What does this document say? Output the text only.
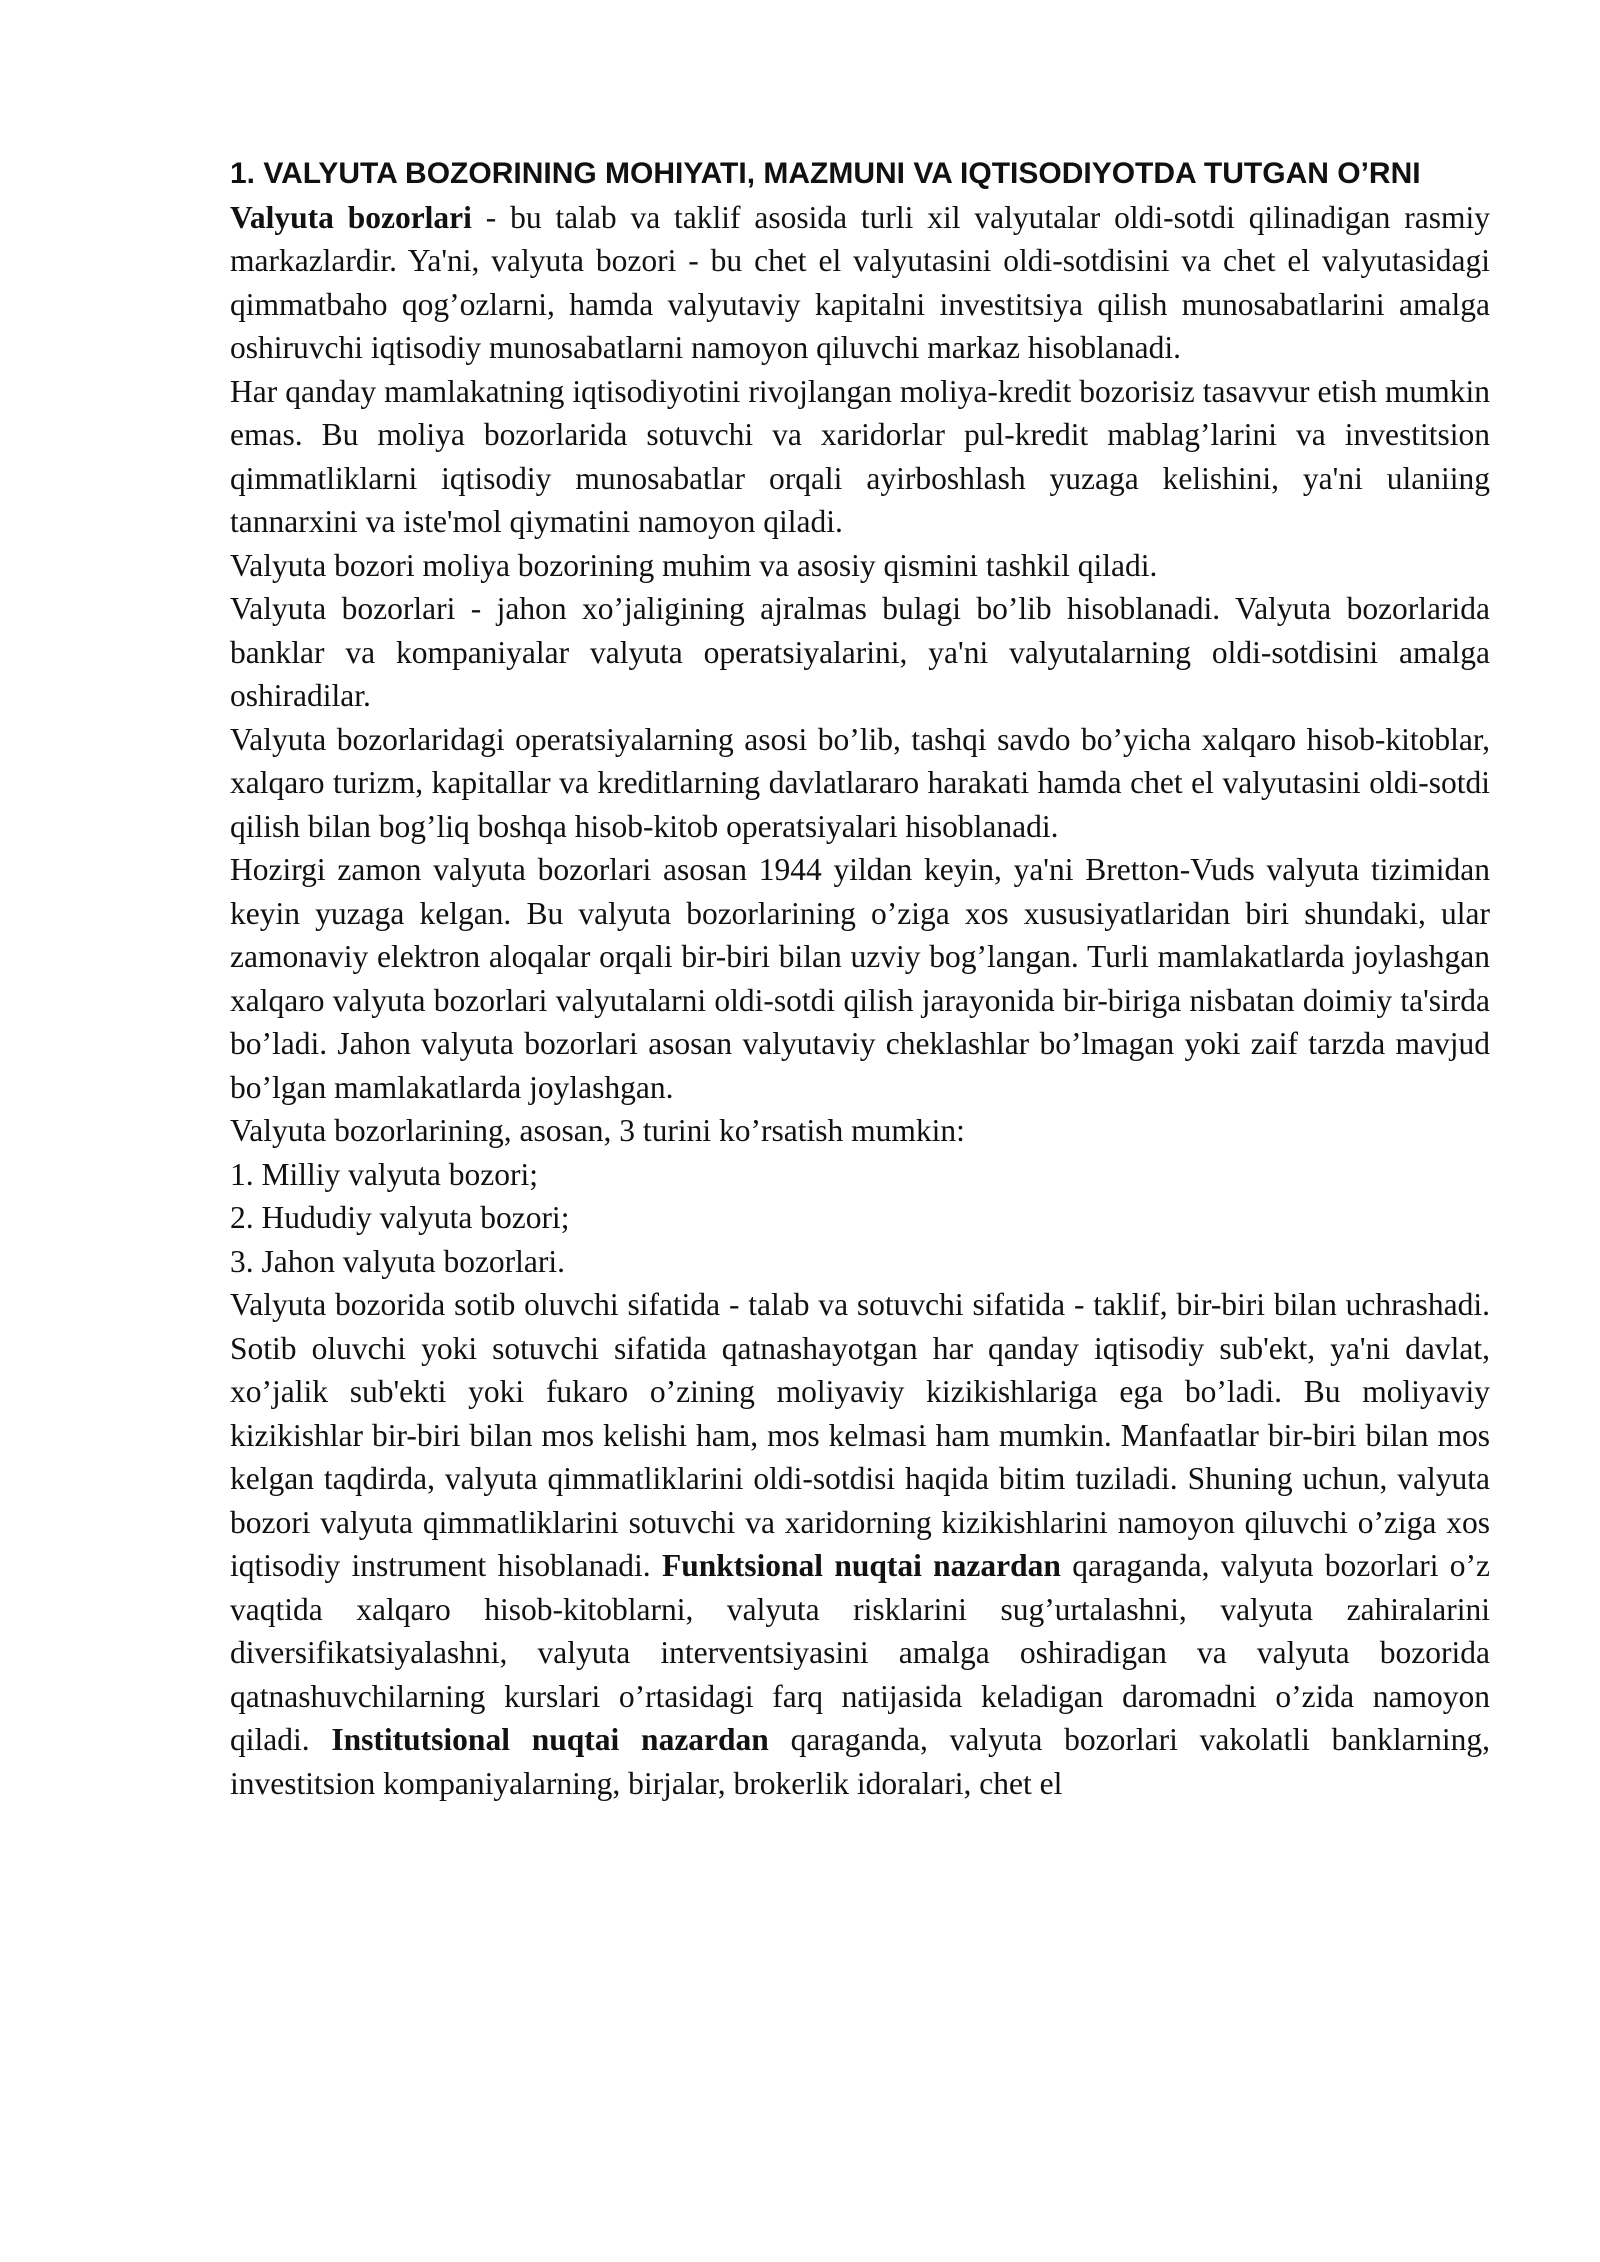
1. VALYUTA BOZORINING MOHIYATI, MAZMUNI VA IQTISODIYOTDA TUTGAN O’RNI

Valyuta bozorlari - bu talab va taklif asosida turli xil valyutalar oldi-sotdi qilinadigan rasmiy markazlardir. Ya'ni, valyuta bozori - bu chet el valyutasini oldi-sotdisini va chet el valyutasidagi qimmatbaho qog’ozlarni, hamda valyutaviy kapitalni investitsiya qilish munosabatlarini amalga oshiruvchi iqtisodiy munosabatlarni namoyon qiluvchi markaz hisoblanadi.

Har qanday mamlakatning iqtisodiyotini rivojlangan moliya-kredit bozorisiz tasavvur etish mumkin emas. Bu moliya bozorlarida sotuvchi va xaridorlar pul-kredit mablag’larini va investitsion qimmatliklarni iqtisodiy munosabatlar orqali ayirboshlash yuzaga kelishini, ya'ni ulaniing tannarxini va iste'mol qiymatini namoyon qiladi.

Valyuta bozori moliya bozorining muhim va asosiy qismini tashkil qiladi.

Valyuta bozorlari - jahon xo’jaligining ajralmas bulagi bo’lib hisoblanadi. Valyuta bozorlarida banklar va kompaniyalar valyuta operatsiyalarini, ya'ni valyutalarning oldi-sotdisini amalga oshiradilar.

Valyuta bozorlaridagi operatsiyalarning asosi bo’lib, tashqi savdo bo’yicha xalqaro hisob-kitoblar, xalqaro turizm, kapitallar va kreditlarning davlatlararo harakati hamda chet el valyutasini oldi-sotdi qilish bilan bog’liq boshqa hisob-kitob operatsiyalari hisoblanadi.

Hozirgi zamon valyuta bozorlari asosan 1944 yildan keyin, ya'ni Bretton-Vuds valyuta tizimidan keyin yuzaga kelgan. Bu valyuta bozorlarining o’ziga xos xususiyatlaridan biri shundaki, ular zamonaviy elektron aloqalar orqali bir-biri bilan uzviy bog’langan. Turli mamlakatlarda joylashgan xalqaro valyuta bozorlari valyutalarni oldi-sotdi qilish jarayonida bir-biriga nisbatan doimiy ta'sirda bo’ladi. Jahon valyuta bozorlari asosan valyutaviy cheklashlar bo’lmagan yoki zaif tarzda mavjud bo’lgan mamlakatlarda joylashgan.

Valyuta bozorlarining, asosan, 3 turini ko’rsatish mumkin:

1. Milliy valyuta bozori;

2. Hududiy valyuta bozori;

3. Jahon valyuta bozorlari.

Valyuta bozorida sotib oluvchi sifatida - talab va sotuvchi sifatida - taklif, bir-biri bilan uchrashadi. Sotib oluvchi yoki sotuvchi sifatida qatnashayotgan har qanday iqtisodiy sub'ekt, ya'ni davlat, xo’jalik sub'ekti yoki fukaro o’zining moliyaviy kizikishlariga ega bo’ladi. Bu moliyaviy kizikishlar bir-biri bilan mos kelishi ham, mos kelmasi ham mumkin. Manfaatlar bir-biri bilan mos kelgan taqdirda, valyuta qimmatliklarini oldi-sotdisi haqida bitim tuziladi. Shuning uchun, valyuta bozori valyuta qimmatliklarini sotuvchi va xaridorning kizikishlarini namoyon qiluvchi o’ziga xos iqtisodiy instrument hisoblanadi. Funktsional nuqtai nazardan qaraganda, valyuta bozorlari o’z vaqtida xalqaro hisob-kitoblarni, valyuta risklarini sug’urtalashni, valyuta zahiralarini diversifikatsiyalashni, valyuta interventsiyasini amalga oshiradigan va valyuta bozorida qatnashuvchilarning kurslari o’rtasidagi farq natijasida keladigan daromadni o’zida namoyon qiladi. Institutsional nuqtai nazardan qaraganda, valyuta bozorlari vakolatli banklarning, investitsion kompaniyalarning, birjalar, brokerlik idoralari, chet el
